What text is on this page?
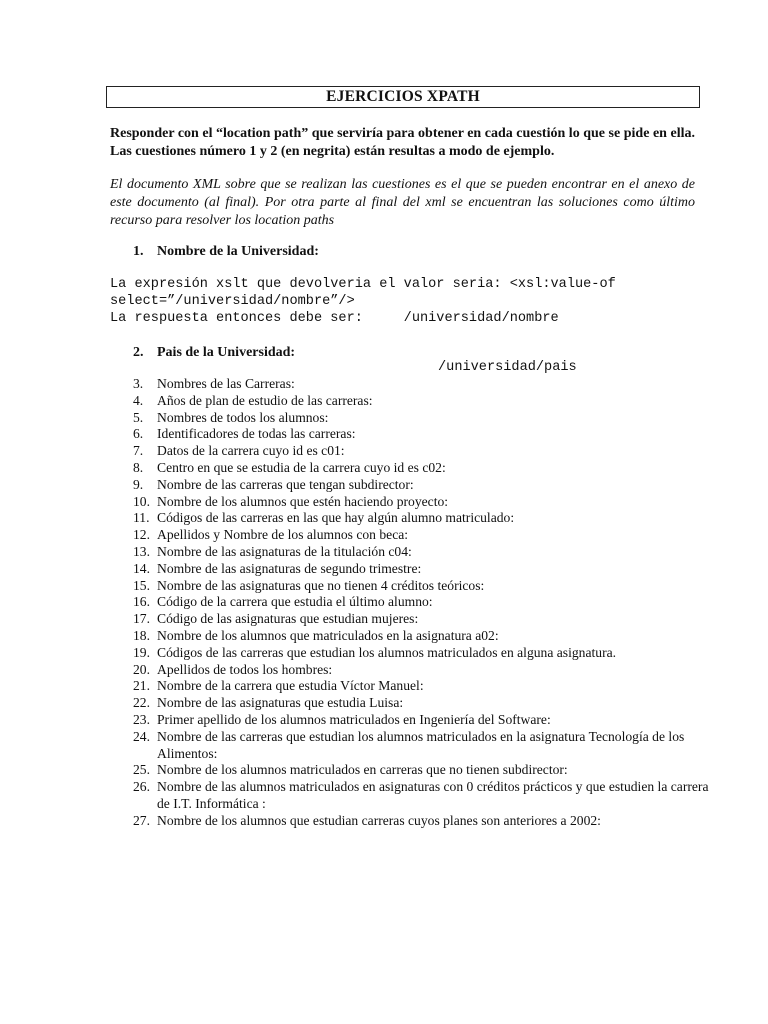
EJERCICIOS XPATH
Responder con el “location path” que serviría para obtener en cada cuestión lo que se pide en ella. Las cuestiones número 1 y 2 (en negrita) están resultas a modo de ejemplo.
El documento XML sobre que se realizan las cuestiones es el que se pueden encontrar en el anexo de este documento (al final). Por otra parte al final del xml se encuentran las soluciones como último recurso para resolver los location paths
1. Nombre de la Universidad:
La expresión xslt que devolveria el valor seria: <xsl:value-of
select=”/universidad/nombre”/>
La respuesta entonces debe ser:     /universidad/nombre
2. Pais de la Universidad:
/universidad/pais
3.	Nombres de las Carreras:
4.	Años de plan de estudio de las carreras:
5.	Nombres de todos los alumnos:
6.	Identificadores de todas las carreras:
7.	Datos de la carrera cuyo id es c01:
8.	Centro en que se estudia de la carrera cuyo id es c02:
9.	Nombre de las carreras que tengan subdirector:
10. Nombre de los alumnos que estén haciendo proyecto:
11. Códigos de las carreras en las que hay algún alumno matriculado:
12. Apellidos y Nombre de los alumnos con beca:
13. Nombre de las asignaturas de la titulación c04:
14. Nombre de las asignaturas de segundo trimestre:
15. Nombre de las asignaturas que no tienen 4 créditos teóricos:
16. Código de la carrera que estudia el último alumno:
17. Código de las asignaturas que estudian mujeres:
18. Nombre de los alumnos que matriculados en la asignatura a02:
19. Códigos de las carreras que estudian los alumnos matriculados en alguna asignatura.
20. Apellidos de todos los hombres:
21. Nombre de la carrera que estudia Víctor Manuel:
22. Nombre de las asignaturas que estudia Luisa:
23. Primer apellido de los alumnos matriculados en Ingeniería del Software:
24. Nombre de las carreras que estudian los alumnos matriculados en la asignatura Tecnología de los Alimentos:
25. Nombre de los alumnos matriculados en carreras que no tienen subdirector:
26. Nombre de las alumnos matriculados en asignaturas con 0 créditos prácticos y que estudien la carrera de I.T. Informática :
27. Nombre de los alumnos que estudian carreras cuyos planes son anteriores a 2002:
